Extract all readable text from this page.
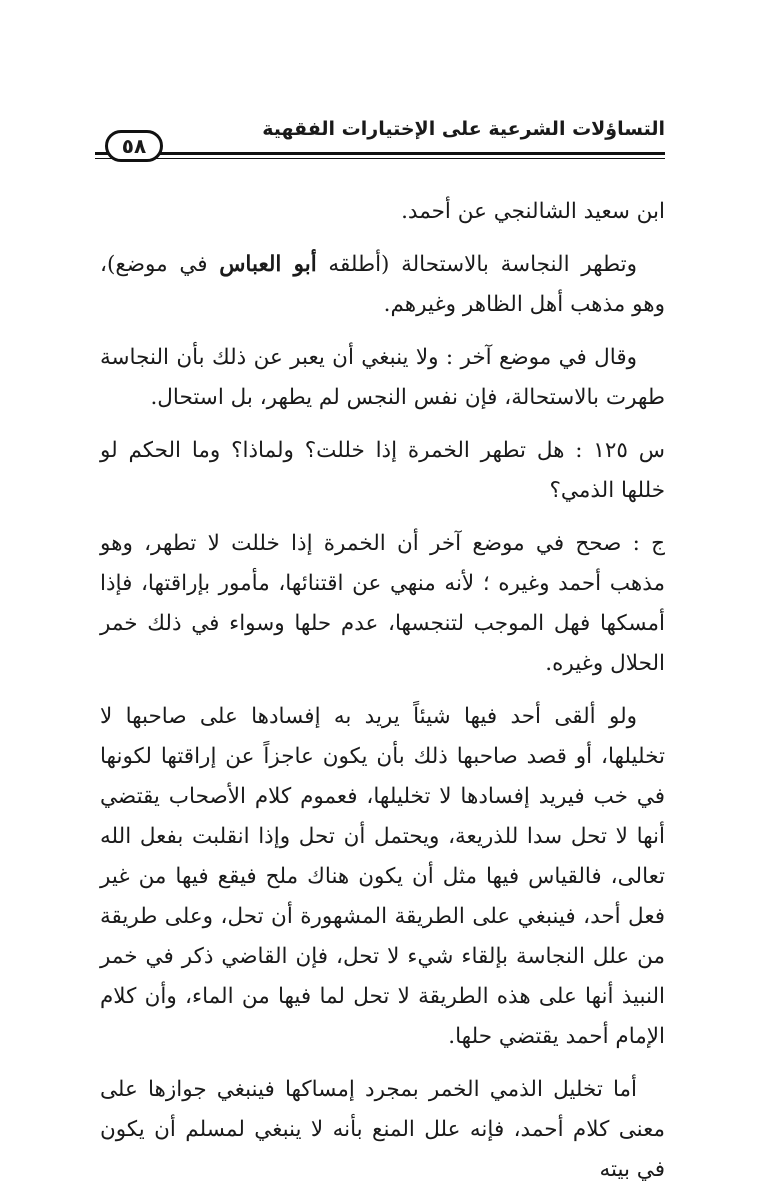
التساؤلات الشرعية على الإختيارات الفقهية
٥٨

ابن سعيد الشالنجي عن أحمد.

وتطهر النجاسة بالاستحالة (أطلقه أبو العباس في موضع)، وهو مذهب أهل الظاهر وغيرهم.

وقال في موضع آخر : ولا ينبغي أن يعبر عن ذلك بأن النجاسة طهرت بالاستحالة، فإن نفس النجس لم يطهر، بل استحال.

س ١٢٥ : هل تطهر الخمرة إذا خللت؟ ولماذا؟ وما الحكم لو خللها الذمي؟

ج : صحح في موضع آخر أن الخمرة إذا خللت لا تطهر، وهو مذهب أحمد وغيره ؛ لأنه منهي عن اقتنائها، مأمور بإراقتها، فإذا أمسكها فهل الموجب لتنجسها، عدم حلها وسواء في ذلك خمر الحلال وغيره.

ولو ألقى أحد فيها شيئاً يريد به إفسادها على صاحبها لا تخليلها، أو قصد صاحبها ذلك بأن يكون عاجزاً عن إراقتها لكونها في خب فيريد إفسادها لا تخليلها، فعموم كلام الأصحاب يقتضي أنها لا تحل سدا للذريعة، ويحتمل أن تحل وإذا انقلبت بفعل الله تعالى، فالقياس فيها مثل أن يكون هناك ملح فيقع فيها من غير فعل أحد، فينبغي على الطريقة المشهورة أن تحل، وعلى طريقة من علل النجاسة بإلقاء شيء لا تحل، فإن القاضي ذكر في خمر النبيذ أنها على هذه الطريقة لا تحل لما فيها من الماء، وأن كلام الإمام أحمد يقتضي حلها.

أما تخليل الذمي الخمر بمجرد إمساكها فينبغي جوازها على معنى كلام أحمد، فإنه علل المنع بأنه لا ينبغي لمسلم أن يكون في بيته
